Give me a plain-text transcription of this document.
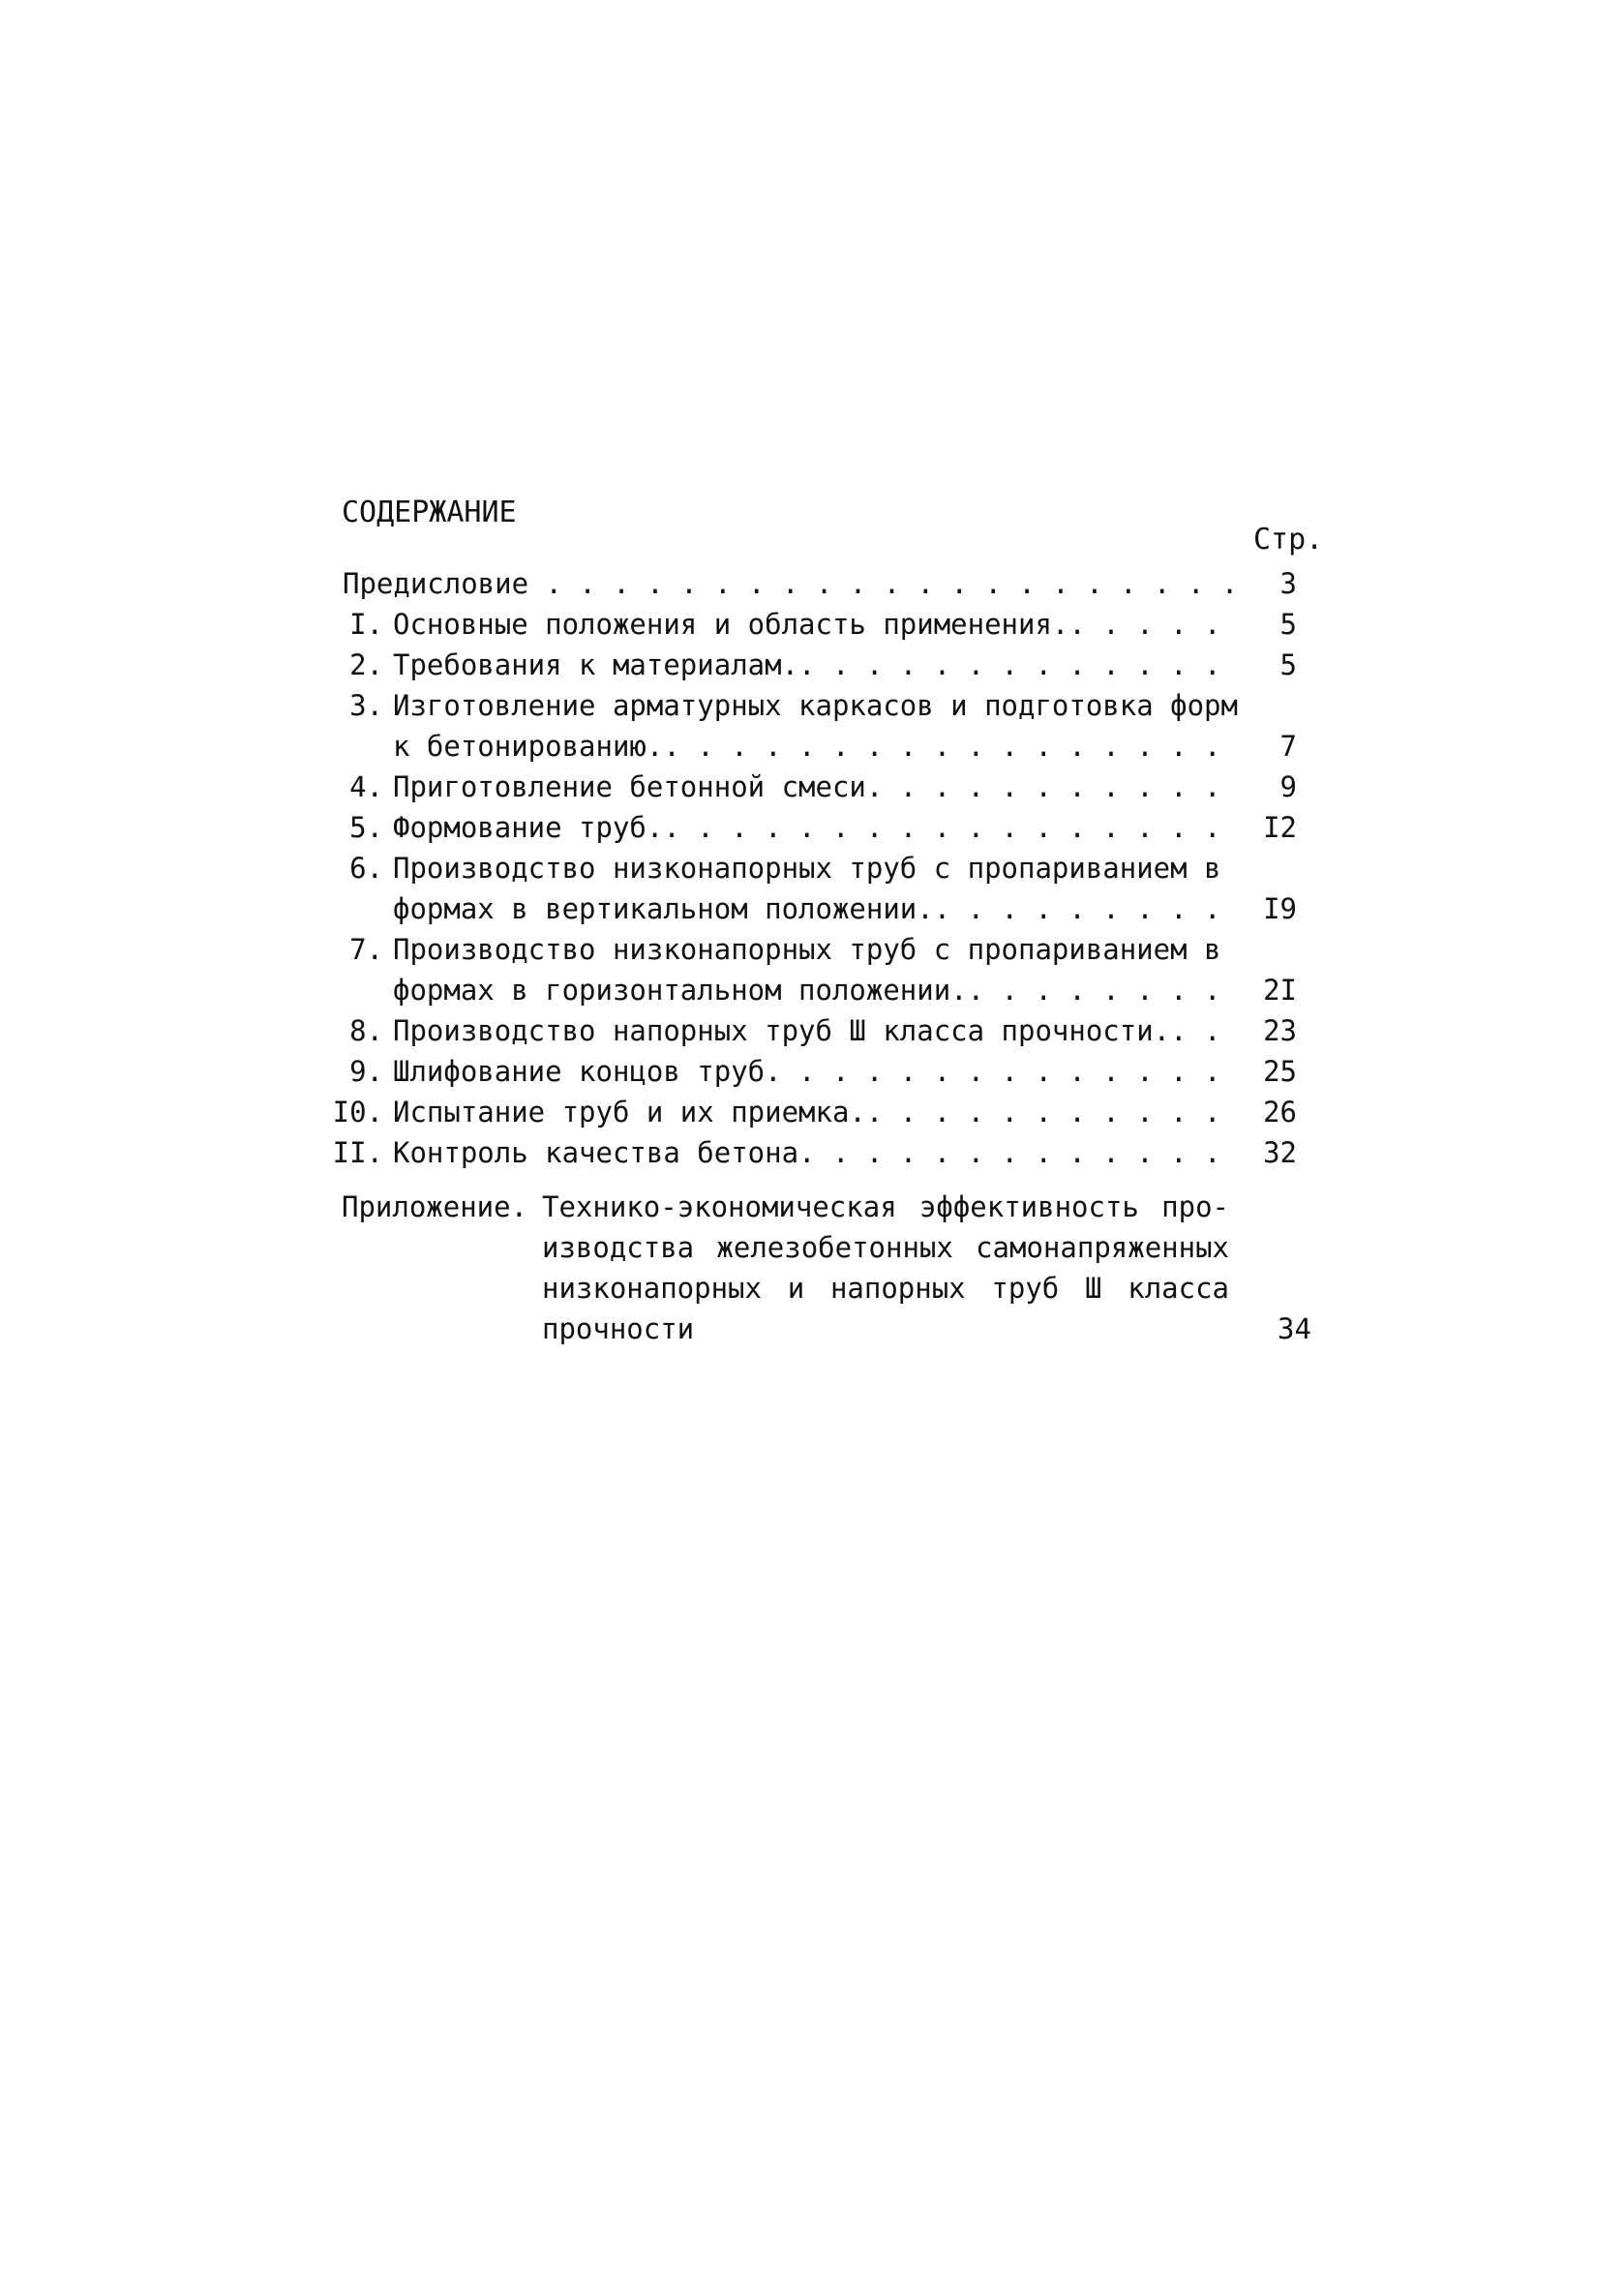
СОДЕРЖАНИЕ
Стр.
Предисловие . . .	3
I. Основные положения и область применения. . . .	5
2. Требования к материалам. . . .	5
3. Изготовление арматурных каркасов и подготовка форм
к бетонированию. . . .	7
4. Приготовление бетонной смеси . . .	9
5. Формование труб. . . .	I2
6. Производство низконапорных труб с пропариванием в
формах в вертикальном положении. . . .	I9
7. Производство низконапорных труб с пропариванием в
формах в горизонтальном положении. . . .	2I
8. Производство напорных труб Ш класса прочности. . . .	23
9. Шлифование концов труб . . .	25
I0. Испытание труб и их приемка. . . .	26
II. Контроль качества бетона . . .	32
Приложение. Технико-экономическая эффективность про-
изводства железобетонных самонапряженных
низконапорных и напорных труб Ш класса
прочности	34
